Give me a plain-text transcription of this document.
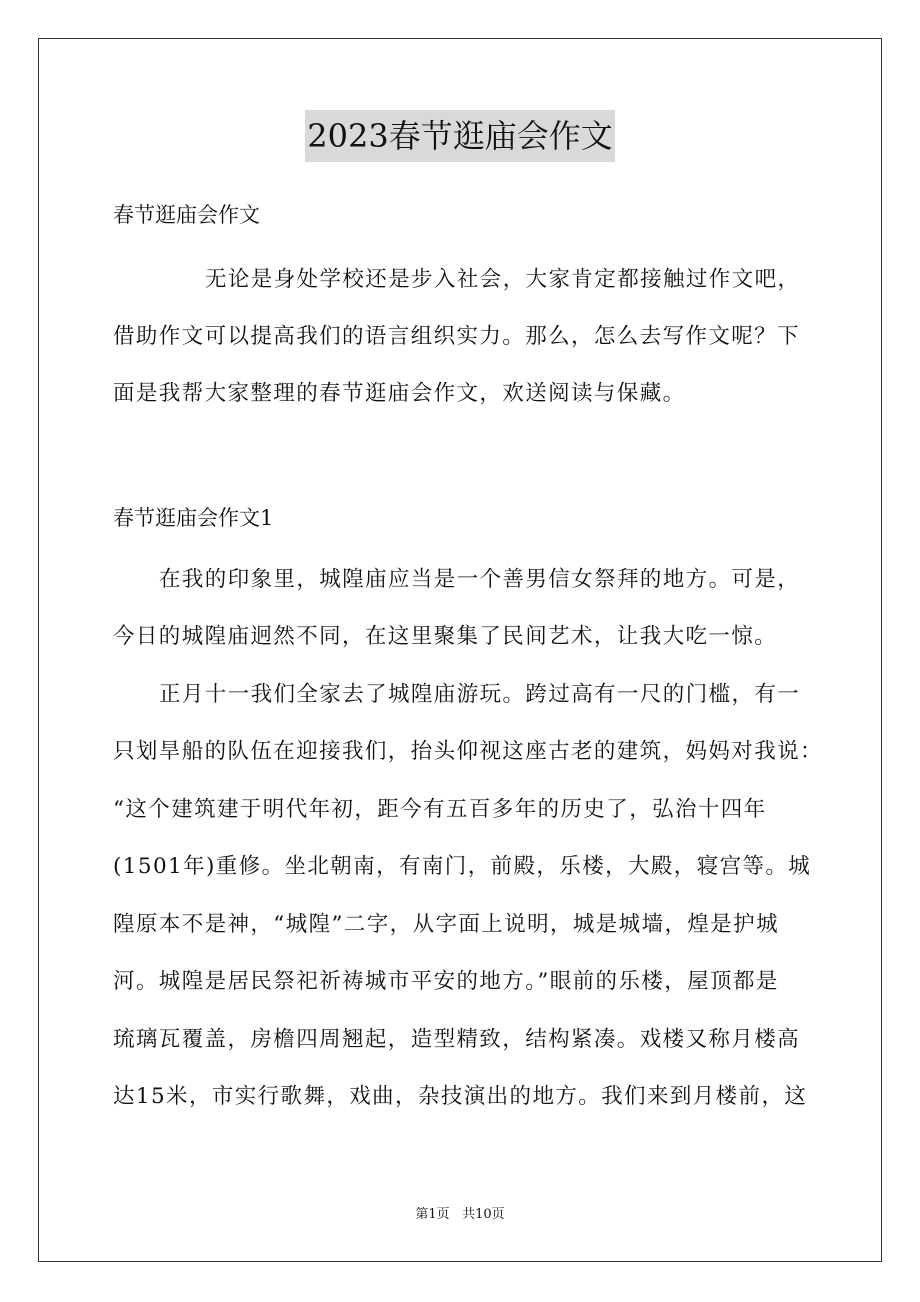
2023春节逛庙会作文

春节逛庙会作文

无论是身处学校还是步入社会，大家肯定都接触过作文吧，

借助作文可以提高我们的语言组织实力。那么，怎么去写作文呢？下

面是我帮大家整理的春节逛庙会作文，欢送阅读与保藏。

春节逛庙会作文1

在我的印象里，城隍庙应当是一个善男信女祭拜的地方。可是，

今日的城隍庙迥然不同，在这里聚集了民间艺术，让我大吃一惊。

正月十一我们全家去了城隍庙游玩。跨过高有一尺的门槛，有一

只划旱船的队伍在迎接我们，抬头仰视这座古老的建筑，妈妈对我说：

“这个建筑建于明代年初，距今有五百多年的历史了，弘治十四年

(1501年)重修。坐北朝南，有南门，前殿，乐楼，大殿，寝宫等。城

隍原本不是神，“城隍”二字，从字面上说明，城是城墙，煌是护城

河。城隍是居民祭祀祈祷城市平安的地方。”眼前的乐楼，屋顶都是

琉璃瓦覆盖，房檐四周翘起，造型精致，结构紧凑。戏楼又称月楼高

达15米，市实行歌舞，戏曲，杂技演出的地方。我们来到月楼前，这

第1页 共10页
